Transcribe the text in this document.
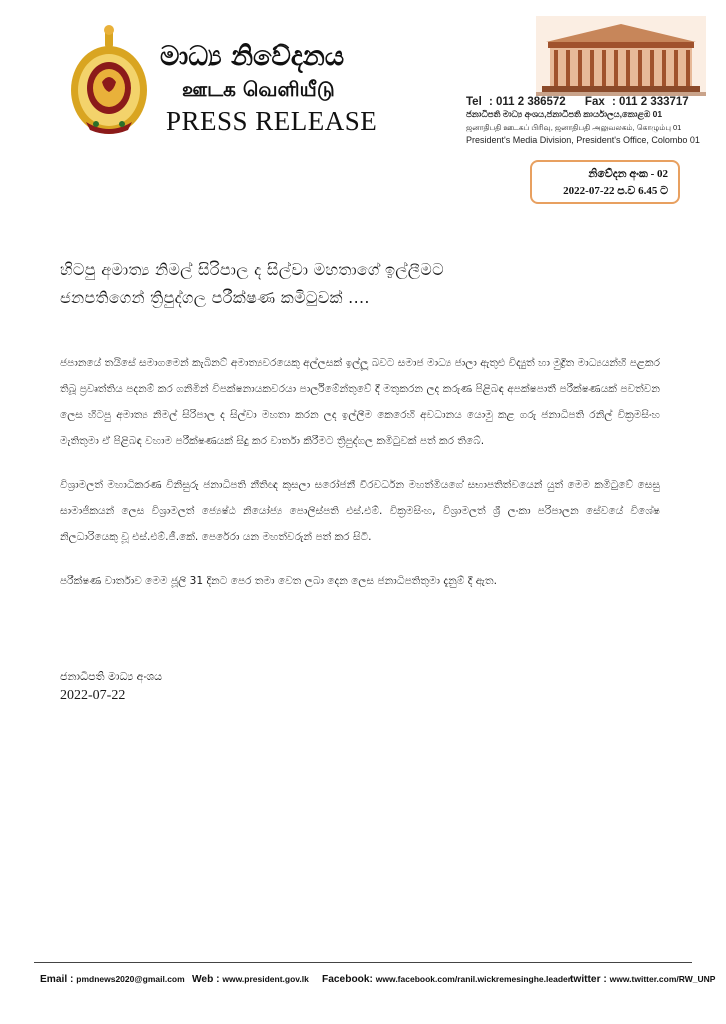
මාධ්‍ය නිවේදනය
ஊடக வெளியீடு
PRESS RELEASE
Tel : 011 2 386572 Fax : 011 2 333717
ජනාධිපති මාධ්‍ය අංශය,ජනාධිපති කාර්යාලය,කොළඹ 01
ஜனாதிபதி ஊடகப் பிரிவு, ஜனாதிபதி அலுவலகம், கொழும்பு 01
President's Media Division, President's Office, Colombo 01
නිවේදන අංක - 02
2022-07-22 ප.ව 6.45 ට
හිටපු අමාත්‍ය නිමල් සිරිපාල ද සිල්වා මහතාගේ ඉල්ලීමට
ජනපතිගෙන් ත්‍රිපුද්ගල පරීක්ෂණ කමිටුවක් ....

ජපානයේ තයිසේ සමාගමෙන් කැබිනට් අමාත්‍යවරයෙකු අල්ලසක් ඉල්ලූ බවට සමාජ මාධ්‍ය ජාලා ඇතුළු විද්‍යුත් හා මුද්‍රිත මාධ්‍යයන්හි පළකර තිබූ ප්‍රවෘත්තිය පදනම් කර ගනිමින් විපක්ෂනායකවරයා පාර්ලිමේන්තුවේ දී මතුකරන ලද කරුණ පිළිබඳ අපක්ෂපාතී පරීක්ෂණයක් පවත්වන ලෙස හිටපු අමාත්‍ය නිමල් සිරිපාල ද සිල්වා මහතා කරන ලද ඉල්ලීම කෙරෙහි අවධානය යොමු කළ ගරු ජනාධිපති රනිල් වික්‍රමසිංහ මැතිතුමා ඒ පිළිබඳ වහාම පරීක්ෂණයක් සිදු කර වාර්තා කිරීමට ත්‍රිපුද්ගල කමිටුවක් පත් කර තිබේ.

විශ්‍රාමලත් මහාධිකරණ විනිසුරු ජනාධිපති නීතිඥ කුසලා සරෝජනී වීරවර්ධන මහත්මියගේ සභාපතිත්වයෙන් යුත් මෙම කමිටුවේ සෙසු සාමාජිකයන් ලෙස විශ්‍රාමලත් ජ්‍යෙෂ්ඨ නියෝජ්‍ය පොලිස්පති එස්.එම්. වික්‍රමසිංහ, විශ්‍රාමලත් ශ්‍රී ලංකා පරිපාලන සේවයේ විශේෂ නිලධාරියෙකු වූ එස්.එම්.ජී.කේ. පෙරේරා යන මහත්වරුන් පත් කර සිටී.

පරීක්ෂණ වාර්තාව මෙම ජූලි 31 දිනට පෙර තමා වෙත ලබා දෙන ලෙස ජනාධිපතිතුමා දැනුම් දී ඇත.

ජනාධිපති මාධ්‍ය අංශය
2022-07-22
Email : pmdnews2020@gmail.com Web : www.president.gov.lk Facebook: www.facebook.com/ranil.wickremesinghe.leader
twitter : www.twitter.com/RW_UNP
